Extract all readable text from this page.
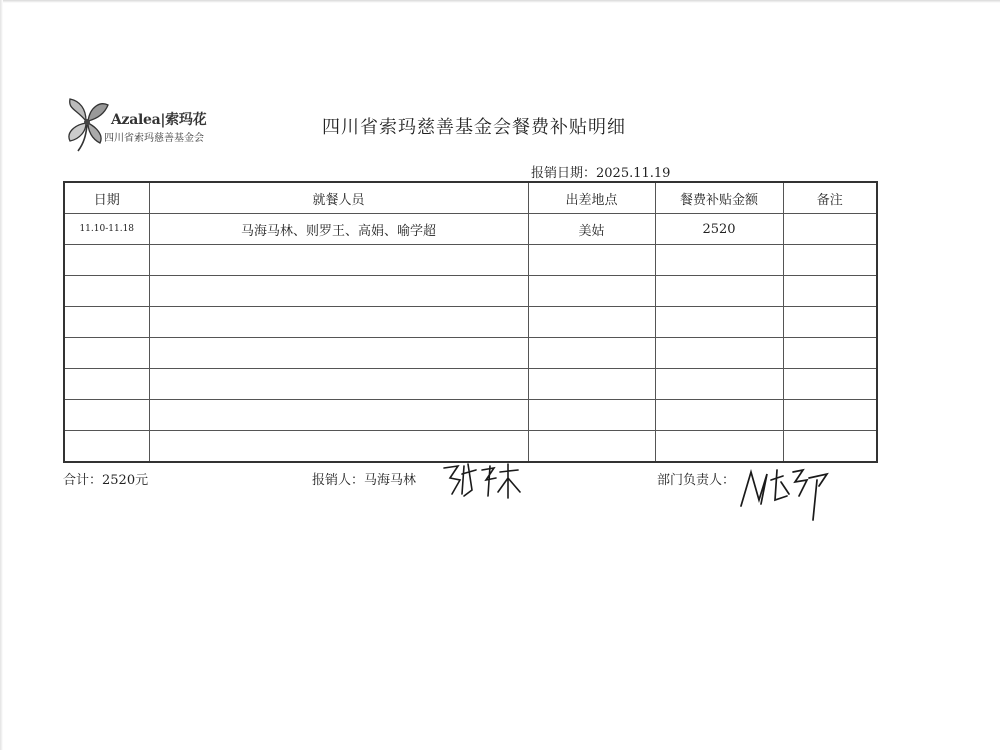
Azalea|索玛花
四川省索玛慈善基金会
四川省索玛慈善基金会餐费补贴明细
报销日期：2025.11.19
日期	就餐人员	出差地点	餐费补贴金额	备注
11.10-11.18	马海马林、则罗王、高娟、喻学超	美姑	2520	

合计：2520元	报销人：马海马林	部门负责人：
